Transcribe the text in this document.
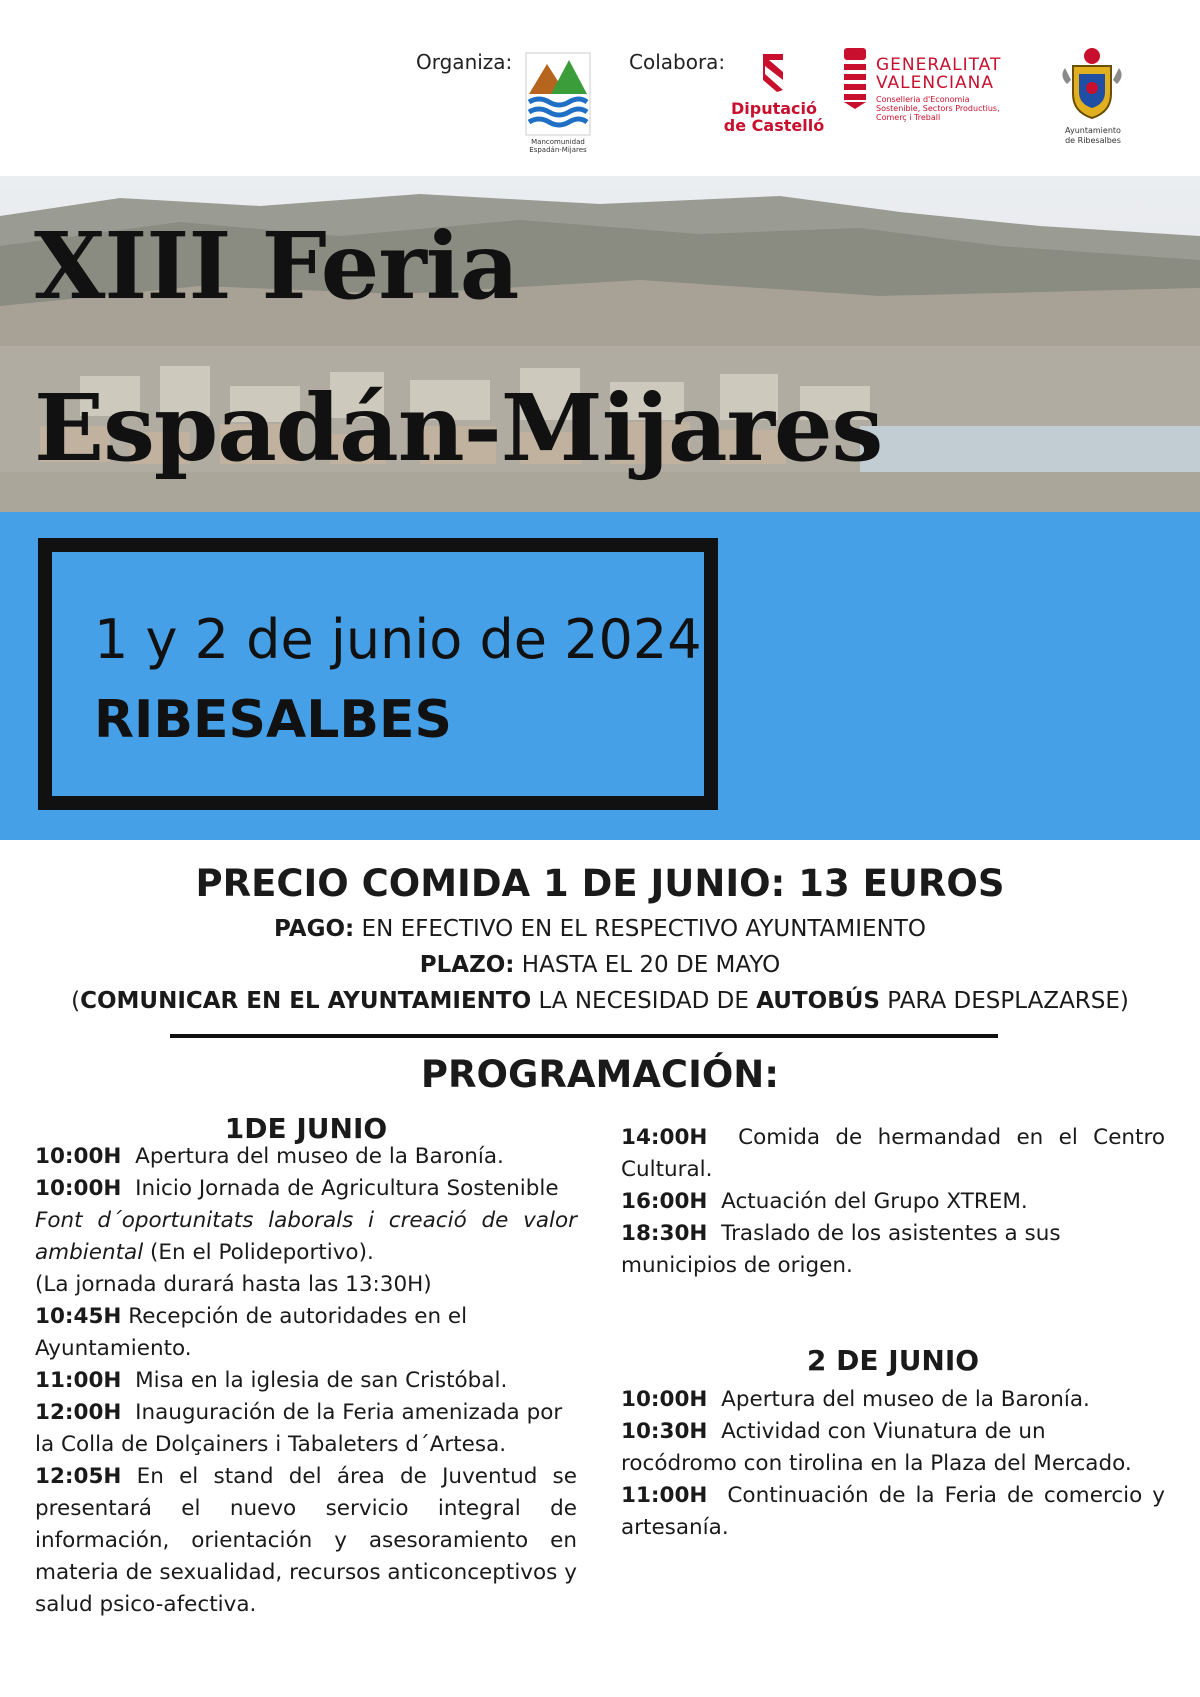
Organiza:
Mancomunidad
Espadán-Mijares
Colabora:
Diputació
de Castelló
GENERALITAT
VALENCIANA
Conselleria d'Economia
Sostenible, Sectors Productius,
Comerç i Treball
Ayuntamiento
de Ribesalbes
XIII Feria
Espadán-Mijares
1 y 2 de junio de 2024
RIBESALBES
PRECIO COMIDA 1 DE JUNIO: 13 EUROS
PAGO: EN EFECTIVO EN EL RESPECTIVO AYUNTAMIENTO
PLAZO: HASTA EL 20 DE MAYO
(COMUNICAR EN EL AYUNTAMIENTO LA NECESIDAD DE AUTOBÚS PARA DESPLAZARSE)
PROGRAMACIÓN:
1DE JUNIO

10:00H Apertura del museo de la Baronía.

10:00H Inicio Jornada de Agricultura Sostenible

Font d´oportunitats laborals i creació de valor ambiental (En el Polideportivo).

(La jornada durará hasta las 13:30H)

10:45H Recepción de autoridades en el Ayuntamiento.

11:00H Misa en la iglesia de san Cristóbal.

12:00H Inauguración de la Feria amenizada por la Colla de Dolçainers i Tabaleters d´Artesa.

12:05H En el stand del área de Juventud se presentará el nuevo servicio integral de información, orientación y asesoramiento en materia de sexualidad, recursos anticonceptivos y salud psico-afectiva.

14:00H Comida de hermandad en el Centro Cultural.

16:00H Actuación del Grupo XTREM.

18:30H Traslado de los asistentes a sus municipios de origen.

2 DE JUNIO

10:00H Apertura del museo de la Baronía.

10:30H Actividad con Viunatura de un rocódromo con tirolina en la Plaza del Mercado.

11:00H Continuación de la Feria de comercio y artesanía.
